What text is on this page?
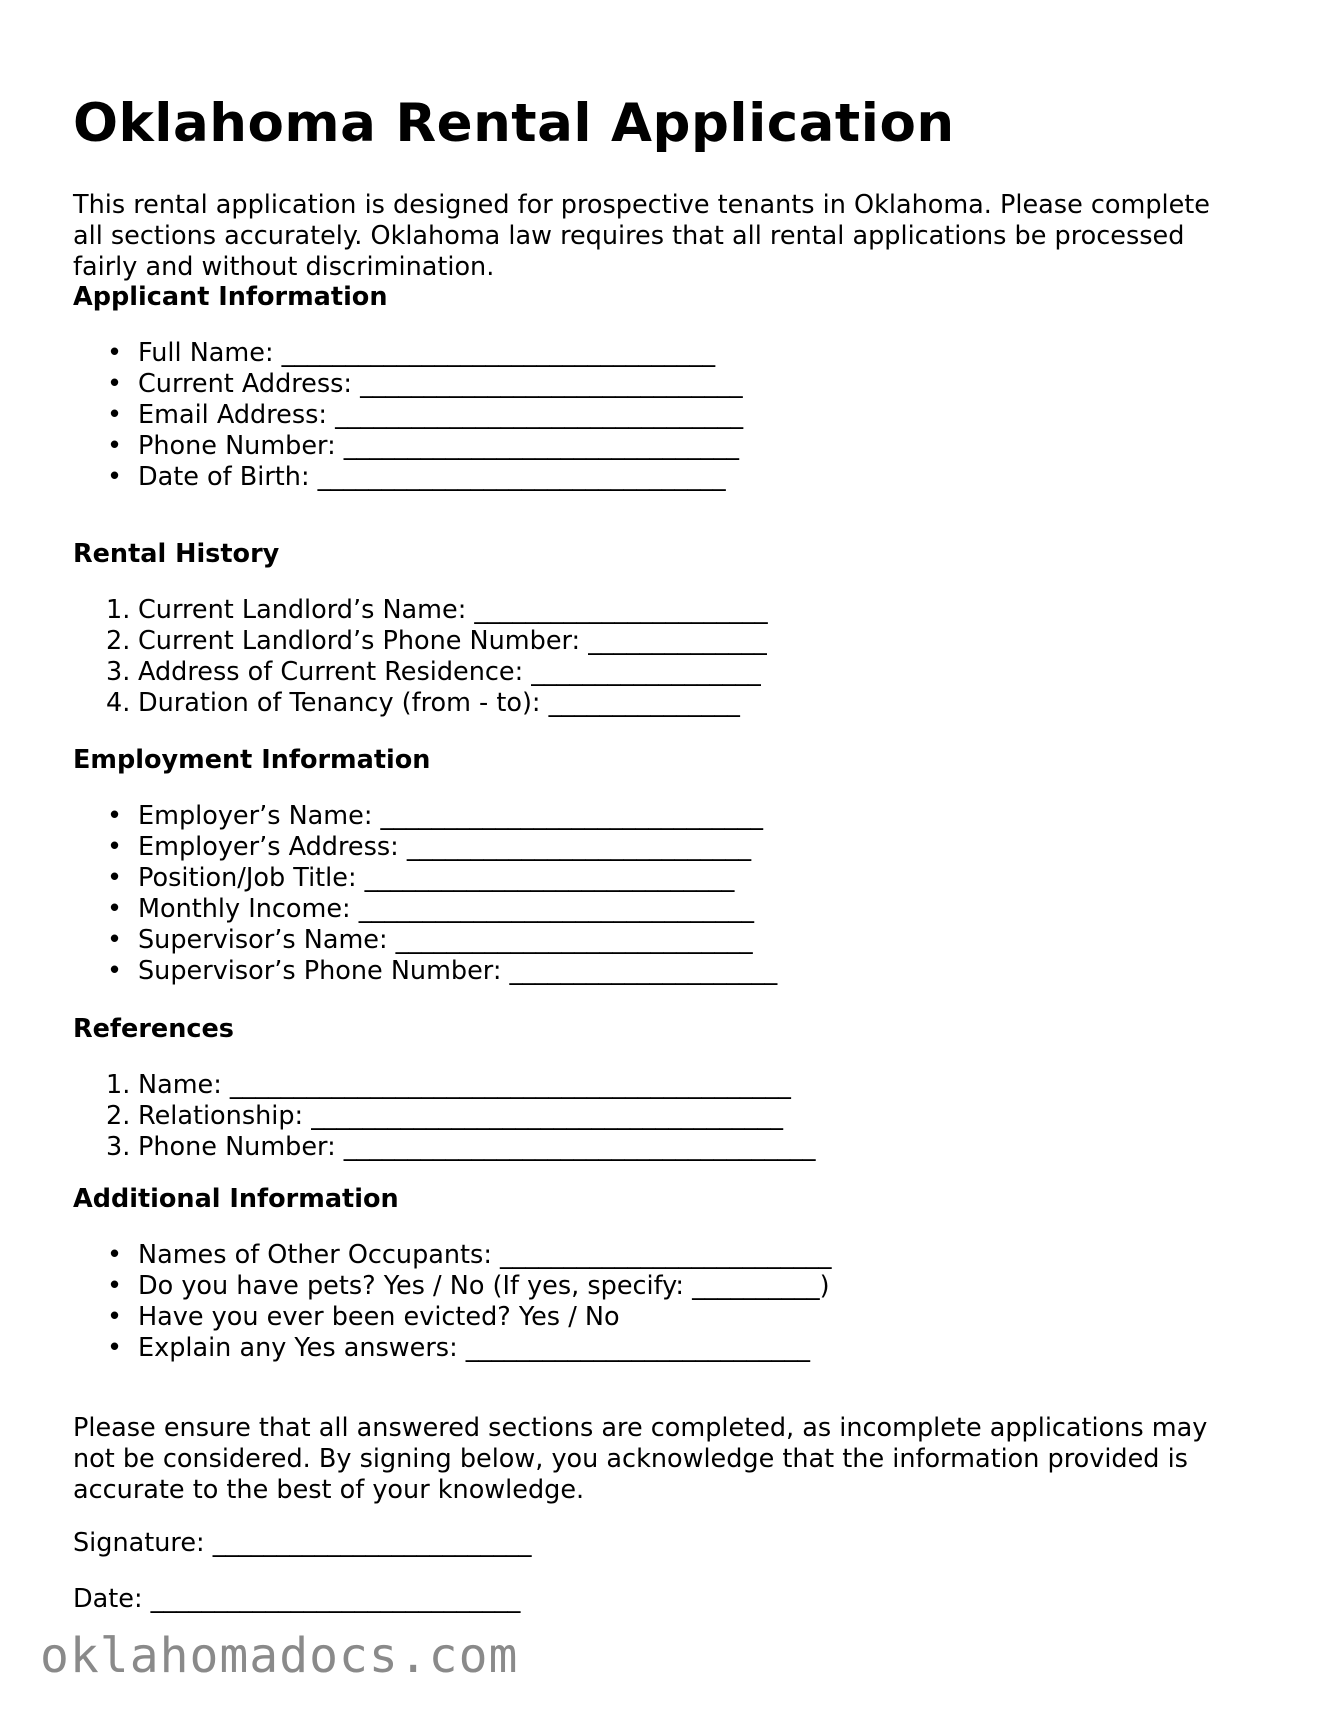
Oklahoma Rental Application

This rental application is designed for prospective tenants in Oklahoma. Please complete all sections accurately. Oklahoma law requires that all rental applications be processed fairly and without discrimination.

Applicant Information
• Full Name: __________________________________
• Current Address: ______________________________
• Email Address: ________________________________
• Phone Number: _______________________________
• Date of Birth: ________________________________
Rental History
1. Current Landlord’s Name: _______________________
2. Current Landlord’s Phone Number: ______________
3. Address of Current Residence: __________________
4. Duration of Tenancy (from - to): _______________
Employment Information
• Employer’s Name: ______________________________
• Employer’s Address: ___________________________
• Position/Job Title: _____________________________
• Monthly Income: _______________________________
• Supervisor’s Name: ____________________________
• Supervisor’s Phone Number: _____________________
References
1. Name: ____________________________________________
2. Relationship: _____________________________________
3. Phone Number: _____________________________________
Additional Information
• Names of Other Occupants: __________________________
• Do you have pets? Yes / No (If yes, specify: __________)
• Have you ever been evicted? Yes / No
• Explain any Yes answers: ___________________________

Please ensure that all answered sections are completed, as incomplete applications may not be considered. By signing below, you acknowledge that the information provided is accurate to the best of your knowledge.

Signature: _________________________

Date: _____________________________

oklahomadocs.com
